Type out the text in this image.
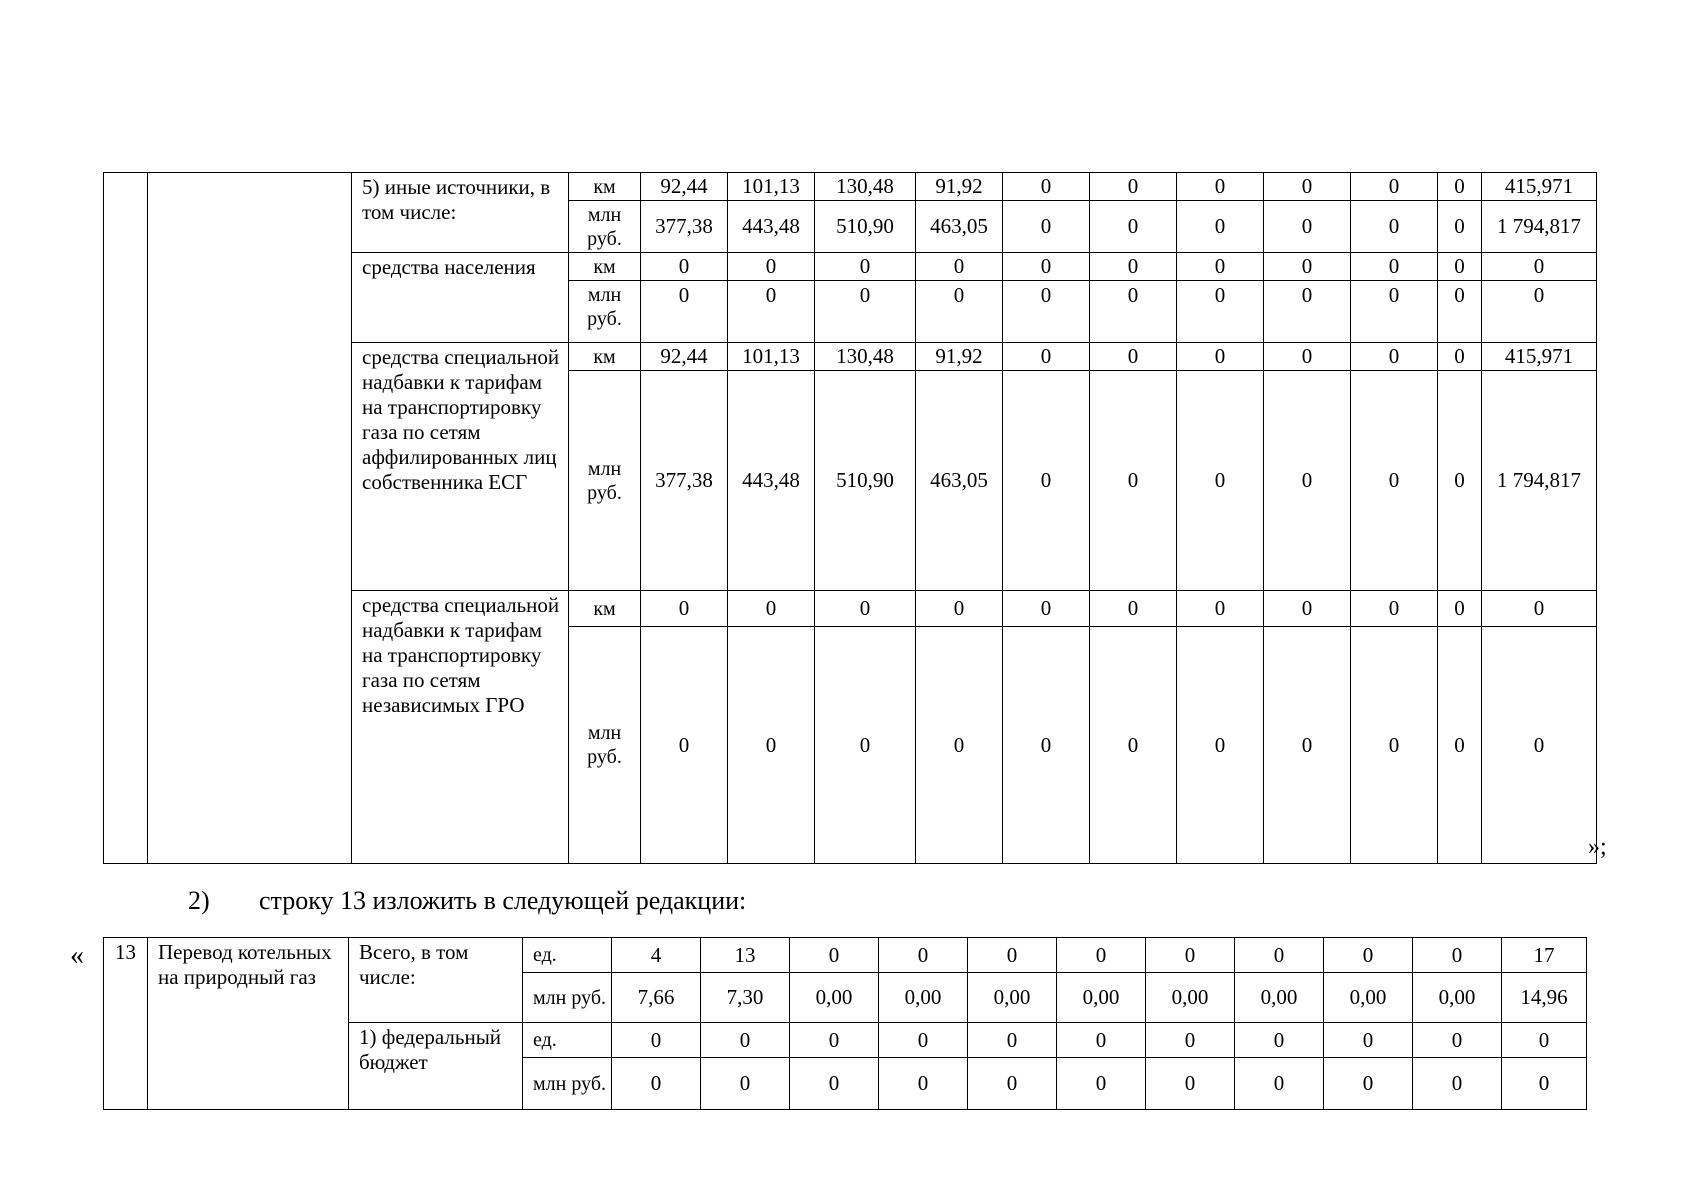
		5) иные источники, в том числе:	км	92,44	101,13	130,48	91,92	0	0	0	0	0	0	415,971
			млн руб.	377,38	443,48	510,90	463,05	0	0	0	0	0	0	1 794,817
		средства населения	км	0	0	0	0	0	0	0	0	0	0	0
			млн руб.	0	0	0	0	0	0	0	0	0	0	0
		средства специальной надбавки к тарифам на транспортировку газа по сетям аффилированных лиц собственника ЕСГ	км	92,44	101,13	130,48	91,92	0	0	0	0	0	0	415,971
			млн руб.	377,38	443,48	510,90	463,05	0	0	0	0	0	0	1 794,817
		средства специальной надбавки к тарифам на транспортировку газа по сетям независимых ГРО	км	0	0	0	0	0	0	0	0	0	0	0
			млн руб.	0	0	0	0	0	0	0	0	0	0	0
»;
2) строку 13 изложить в следующей редакции:
« 13	Перевод котельных на природный газ	Всего, в том числе:	ед.	4	13	0	0	0	0	0	0	0	0	17
			млн руб.	7,66	7,30	0,00	0,00	0,00	0,00	0,00	0,00	0,00	0,00	14,96
		1) федеральный бюджет	ед.	0	0	0	0	0	0	0	0	0	0	0
			млн руб.	0	0	0	0	0	0	0	0	0	0	0
